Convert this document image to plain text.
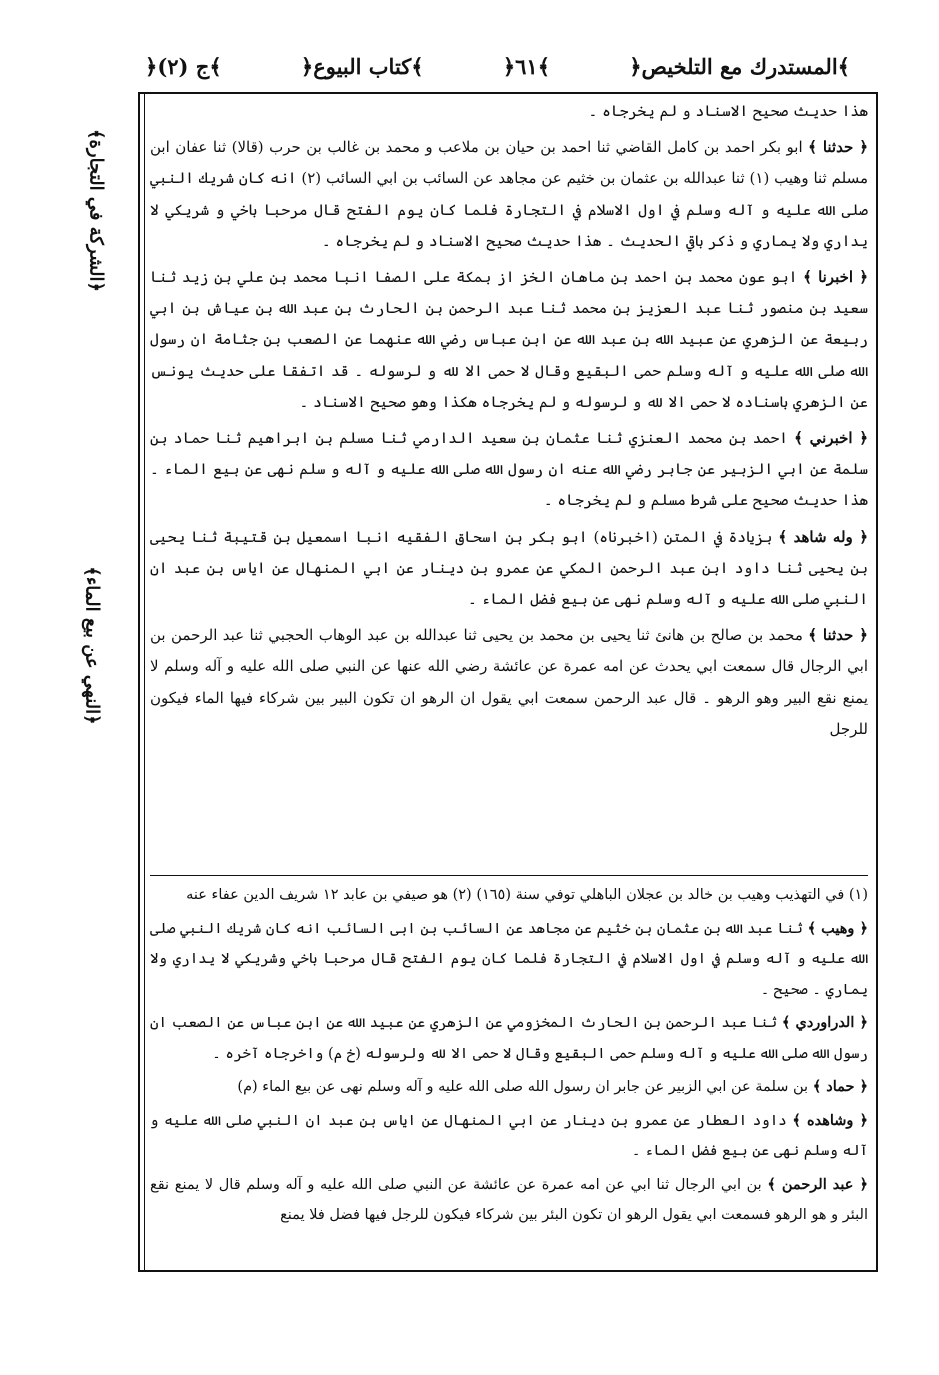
﴿المستدرك مع التلخيص﴾
﴿٦١﴾
﴿كتاب البيوع﴾
﴿ج (٢)﴾
﴿الشركة في التجارة﴾
﴿النهي عن بيع الماء﴾

هذا حديث صحيح الاسناد و لم يخرجاه ۔

﴿ حدثنا ﴾ ابو بكر احمد بن كامل القاضي ثنا احمد بن حيان بن ملاعب و محمد بن غالب بن حرب (قالا) ثنا عفان ابن مسلم ثنا وهيب (١) ثنا عبدالله بن عثمان بن خثيم عن مجاهد عن السائب بن ابي السائب (٢) انه كان شريك النبي صلى الله عليه و آله وسلم في اول الاسلام في التجارة فلما كان يوم الفتح قال مرحبا باخي و شريكي لا يداري ولا يماري و ذكر باقي الحديث ۔ هذا حديث صحيح الاسناد و لم يخرجاه ۔

﴿ اخبرنا ﴾ ابو عون محمد بن احمد بن ماهان الخز از بمكة على الصفا انبا محمد بن علي بن زيد ثنا سعيد بن منصور ثنا عبد العزيز بن محمد ثنا عبد الرحمن بن الحارث بن عبد الله بن عياش بن ابي ربيعة عن الزهري عن عبيد الله بن عبد الله عن ابن عباس رضي الله عنهما عن الصعب بن جثامة ان رسول الله صلى الله عليه و آله وسلم حمى البقيع وقال لا حمى الا لله و لرسوله ۔ قد اتفقا على حديث يونس عن الزهري باسناده لا حمى الا لله و لرسوله و لم يخرجاه هكذا وهو صحيح الاسناد ۔

﴿ اخبرني ﴾ احمد بن محمد العنزي ثنا عثمان بن سعيد الدارمي ثنا مسلم بن ابراهيم ثنا حماد بن سلمة عن ابي الزبير عن جابر رضي الله عنه ان رسول الله صلى الله عليه و آله و سلم نهى عن بيع الماء ۔ هذا حديث صحيح على شرط مسلم و لم يخرجاه ۔

﴿ وله شاهد ﴾ بزيادة في المتن (اخبرناه) ابو بكر بن اسحاق الفقيه انبا اسمعيل بن قتيبة ثنا يحيى بن يحيى ثنا داود ابن عبد الرحمن المكي عن عمرو بن دينار عن ابي المنهال عن اياس بن عبد ان النبي صلى الله عليه و آله وسلم نهى عن بيع فضل الماء ۔

﴿ حدثنا ﴾ محمد بن صالح بن هانئ ثنا يحيى بن محمد بن يحيى ثنا عبدالله بن عبد الوهاب الحجبي ثنا عبد الرحمن بن ابي الرجال قال سمعت ابي يحدث عن امه عمرة عن عائشة رضي الله عنها عن النبي صلى الله عليه و آله وسلم لا يمنع نقع البير وهو الرهو ۔ قال عبد الرحمن سمعت ابي يقول ان الرهو ان تكون البير بين شركاء فيها الماء فيكون للرجل

(١) في التهذيب وهيب بن خالد بن عجلان الباهلي توفي سنة (١٦٥) (٢) هو صيفي بن عابد ١٢ شريف الدين عفاء عنه

﴿ وهيب ﴾ ثنا عبد الله بن عثمان بن خثيم عن مجاهد عن السائب بن ابى السائب انه كان شريك النبي صلى الله عليه و آله وسلم في اول الاسلام في التجارة فلما كان يوم الفتح قال مرحبا باخي وشريكي لا يداري ولا يماري ۔ صحيح ۔

﴿ الدراوردي ﴾ ثنا عبد الرحمن بن الحارث المخزومي عن الزهري عن عبيد الله عن ابن عباس عن الصعب ان رسول الله صلى الله عليه و آله وسلم حمى البقيع وقال لا حمى الا لله ولرسوله (خ م) واخرجاه آخره ۔

﴿ حماد ﴾ بن سلمة عن ابي الزبير عن جابر ان رسول الله صلى الله عليه و آله وسلم نهى عن بيع الماء (م)

﴿ وشاهده ﴾ داود العطار عن عمرو بن دينار عن ابي المنهال عن اياس بن عبد ان النبي صلى الله عليه و آله وسلم نهى عن بيع فضل الماء ۔

﴿ عبد الرحمن ﴾ بن ابي الرجال ثنا ابي عن امه عمرة عن عائشة عن النبي صلى الله عليه و آله وسلم قال لا يمنع نقع البئر و هو الرهو فسمعت ابي يقول الرهو ان تكون البئر بين شركاء فيكون للرجل فيها فضل فلا يمنع
